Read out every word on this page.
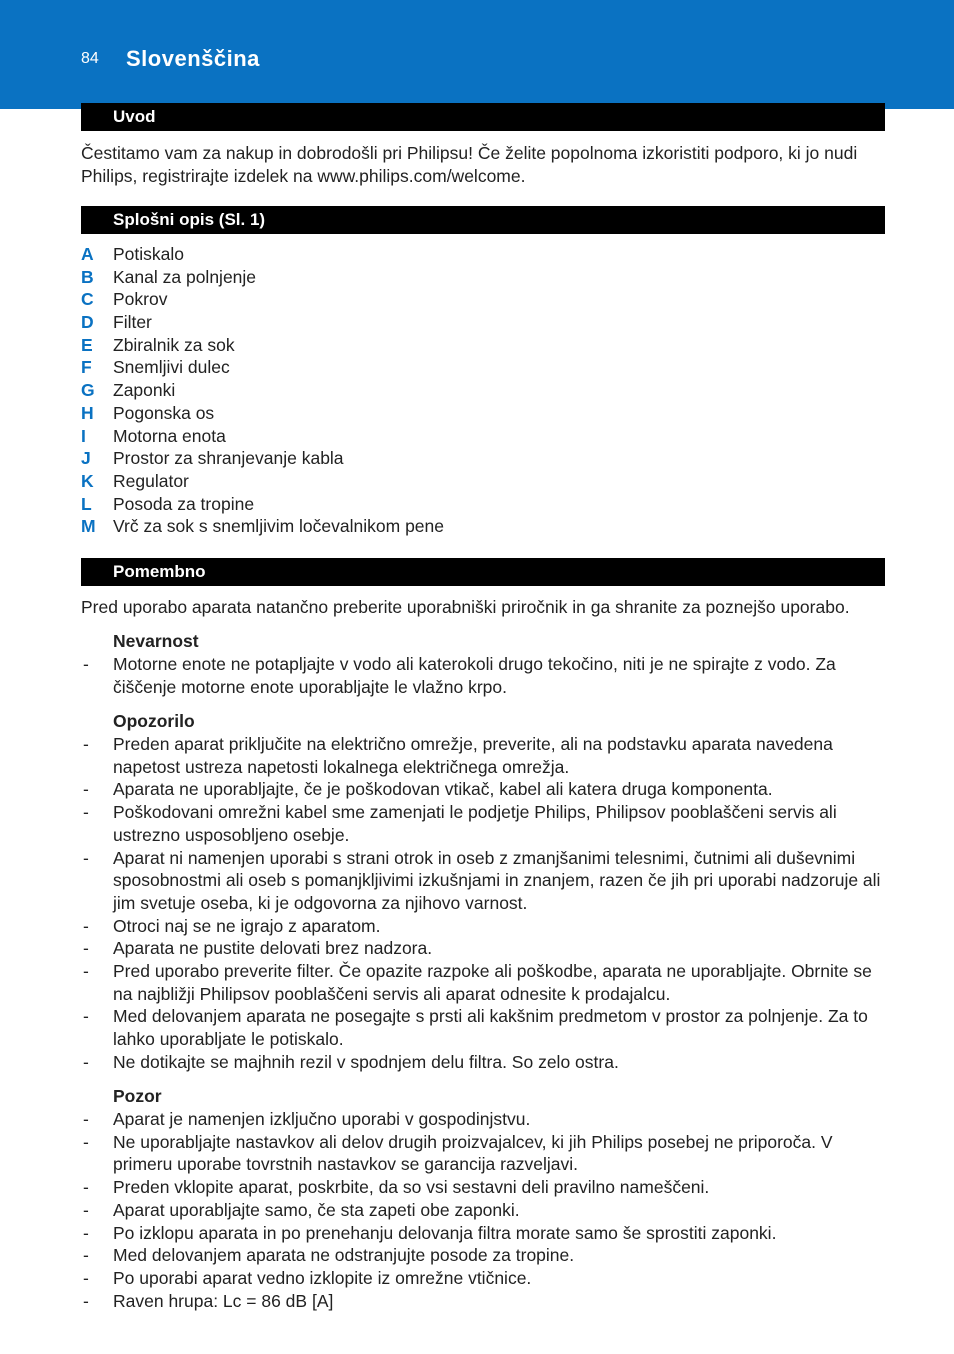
84 Slovenščina
Uvod

Čestitamo vam za nakup in dobrodošli pri Philipsu! Če želite popolnoma izkoristiti podporo, ki jo nudi Philips, registrirajte izdelek na www.philips.com/welcome.

Splošni opis (Sl. 1)
A	Potiskalo
B	Kanal za polnjenje
C	Pokrov
D	Filter
E	Zbiralnik za sok
F	Snemljivi dulec
G	Zaponki
H	Pogonska os
I	Motorna enota
J	Prostor za shranjevanje kabla
K	Regulator
L	Posoda za tropine
M Vrč za sok s snemljivim ločevalnikom pene
Pomembno

Pred uporabo aparata natančno preberite uporabniški priročnik in ga shranite za poznejšo uporabo.

Nevarnost
-	Motorne enote ne potapljajte v vodo ali katerokoli drugo tekočino, niti je ne spirajte z vodo. Za čiščenje motorne enote uporabljajte le vlažno krpo.
Opozorilo
-	Preden aparat priključite na električno omrežje, preverite, ali na podstavku aparata navedena napetost ustreza napetosti lokalnega električnega omrežja.
-	Aparata ne uporabljajte, če je poškodovan vtikač, kabel ali katera druga komponenta.
-	Poškodovani omrežni kabel sme zamenjati le podjetje Philips, Philipsov pooblaščeni servis ali ustrezno usposobljeno osebje.
-	Aparat ni namenjen uporabi s strani otrok in oseb z zmanjšanimi telesnimi, čutnimi ali duševnimi sposobnostmi ali oseb s pomanjkljivimi izkušnjami in znanjem, razen če jih pri uporabi nadzoruje ali jim svetuje oseba, ki je odgovorna za njihovo varnost.
-	Otroci naj se ne igrajo z aparatom.
-	Aparata ne pustite delovati brez nadzora.
-	Pred uporabo preverite filter. Če opazite razpoke ali poškodbe, aparata ne uporabljajte. Obrnite se na najbližji Philipsov pooblaščeni servis ali aparat odnesite k prodajalcu.
-	Med delovanjem aparata ne posegajte s prsti ali kakšnim predmetom v prostor za polnjenje. Za to lahko uporabljate le potiskalo.
-	Ne dotikajte se majhnih rezil v spodnjem delu filtra. So zelo ostra.
Pozor
-	Aparat je namenjen izključno uporabi v gospodinjstvu.
-	Ne uporabljajte nastavkov ali delov drugih proizvajalcev, ki jih Philips posebej ne priporoča. V primeru uporabe tovrstnih nastavkov se garancija razveljavi.
-	Preden vklopite aparat, poskrbite, da so vsi sestavni deli pravilno nameščeni.
-	Aparat uporabljajte samo, če sta zapeti obe zaponki.
-	Po izklopu aparata in po prenehanju delovanja filtra morate samo še sprostiti zaponki.
-	Med delovanjem aparata ne odstranjujte posode za tropine.
-	Po uporabi aparat vedno izklopite iz omrežne vtičnice.
-	Raven hrupa: Lc = 86 dB [A]
